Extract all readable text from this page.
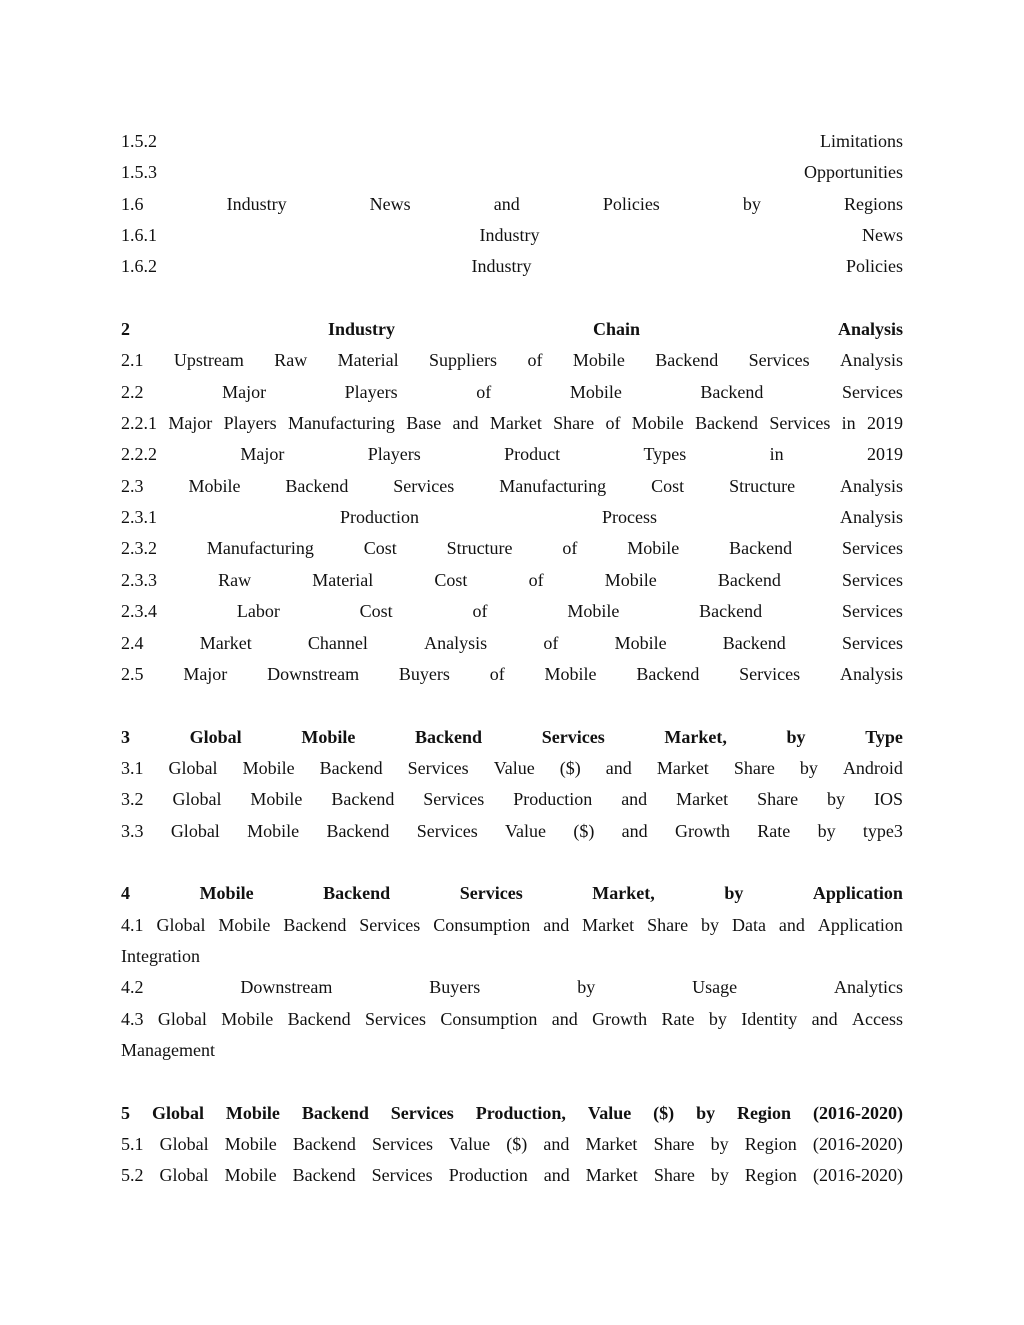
1.5.2	Limitations
1.5.3	Opportunities
1.6	Industry	News	and	Policies	by	Regions
1.6.1	Industry	News
1.6.2	Industry	Policies
2	Industry	Chain	Analysis
2.1 Upstream Raw Material Suppliers of Mobile Backend Services Analysis
2.2	Major	Players	of	Mobile	Backend	Services
2.2.1 Major Players Manufacturing Base and Market Share of Mobile Backend Services in 2019
2.2.2	Major	Players	Product	Types	in	2019
2.3 Mobile Backend Services Manufacturing Cost Structure Analysis
2.3.1	Production	Process	Analysis
2.3.2	Manufacturing	Cost	Structure	of	Mobile	Backend	Services
2.3.3	Raw	Material	Cost	of	Mobile	Backend	Services
2.3.4	Labor	Cost	of	Mobile	Backend	Services
2.4	Market	Channel	Analysis	of	Mobile	Backend	Services
2.5 Major Downstream Buyers of Mobile Backend Services Analysis
3	Global	Mobile	Backend	Services	Market,	by	Type
3.1 Global Mobile Backend Services Value ($) and Market Share by Android
3.2 Global Mobile Backend Services Production and Market Share by IOS
3.3 Global Mobile Backend Services Value ($) and Growth Rate by type3
4	Mobile	Backend	Services	Market,	by	Application
4.1 Global Mobile Backend Services Consumption and Market Share by Data and Application
Integration
4.2	Downstream	Buyers	by	Usage	Analytics
4.3 Global Mobile Backend Services Consumption and Growth Rate by Identity and Access
Management
5 Global Mobile Backend Services Production, Value ($) by Region (2016-2020)
5.1 Global Mobile Backend Services Value ($) and Market Share by Region (2016-2020)
5.2 Global Mobile Backend Services Production and Market Share by Region (2016-2020)
